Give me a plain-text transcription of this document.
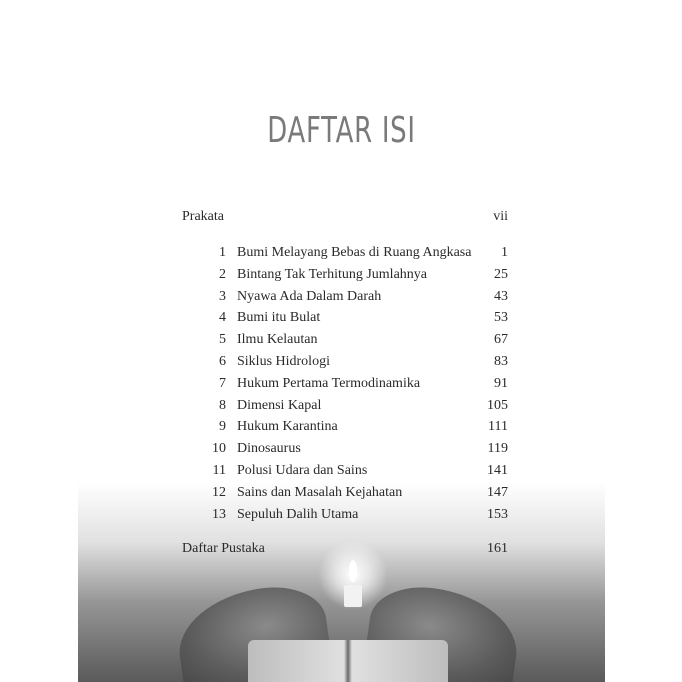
DAFTAR ISI
Prakata	vii
1 Bumi Melayang Bebas di Ruang Angkasa 1
2 Bintang Tak Terhitung Jumlahnya	25
3 Nyawa Ada Dalam Darah	43
4 Bumi itu Bulat	53
5 Ilmu Kelautan	67
6 Siklus Hidrologi	83
7 Hukum Pertama Termodinamika	91
8 Dimensi Kapal	105
9 Hukum Karantina	111
10 Dinosaurus	119
11 Polusi Udara dan Sains	141
12 Sains dan Masalah Kejahatan	147
13 Sepuluh Dalih Utama	153
Daftar Pustaka	161
